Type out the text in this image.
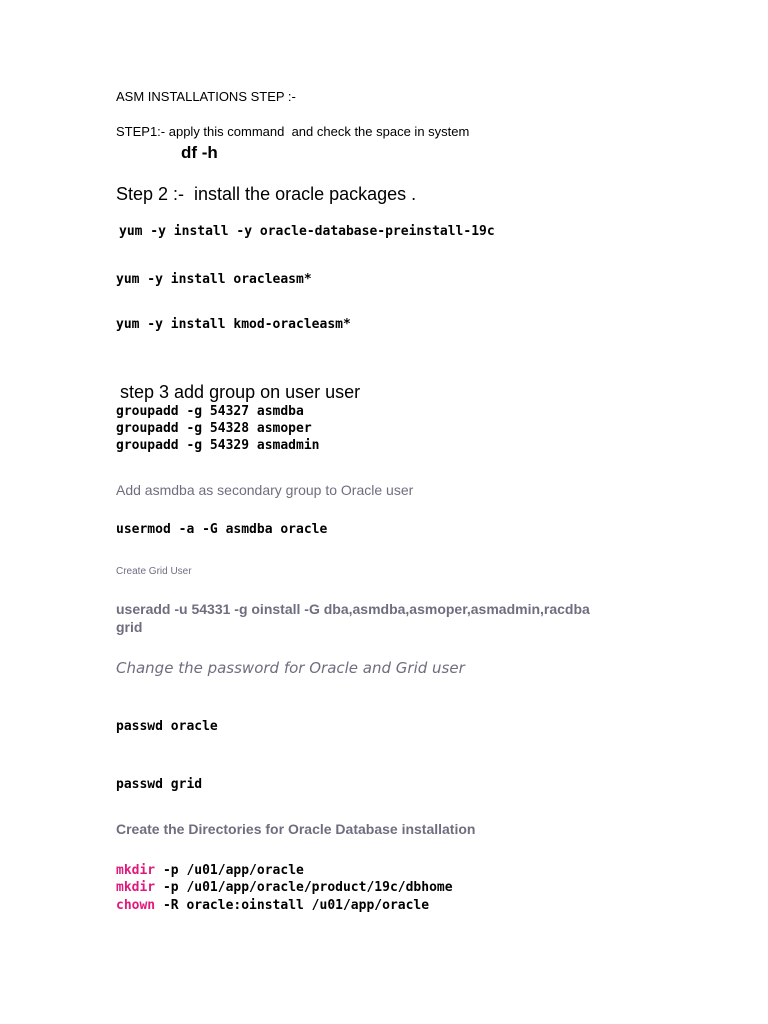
ASM INSTALLATIONS STEP :-

STEP1:- apply this command  and check the space in system

df -h

Step 2 :-  install the oracle packages .

yum -y install -y oracle-database-preinstall-19c

yum -y install oracleasm*

yum -y install kmod-oracleasm*

step 3 add group on user user

groupadd -g 54327 asmdba

groupadd -g 54328 asmoper

groupadd -g 54329 asmadmin

Add asmdba as secondary group to Oracle user

usermod -a -G asmdba oracle

Create Grid User

useradd -u 54331 -g oinstall -G dba,asmdba,asmoper,asmadmin,racdba

grid

Change the password for Oracle and Grid user

passwd oracle

passwd grid

Create the Directories for Oracle Database installation

mkdir -p /u01/app/oracle

mkdir -p /u01/app/oracle/product/19c/dbhome

chown -R oracle:oinstall /u01/app/oracle
